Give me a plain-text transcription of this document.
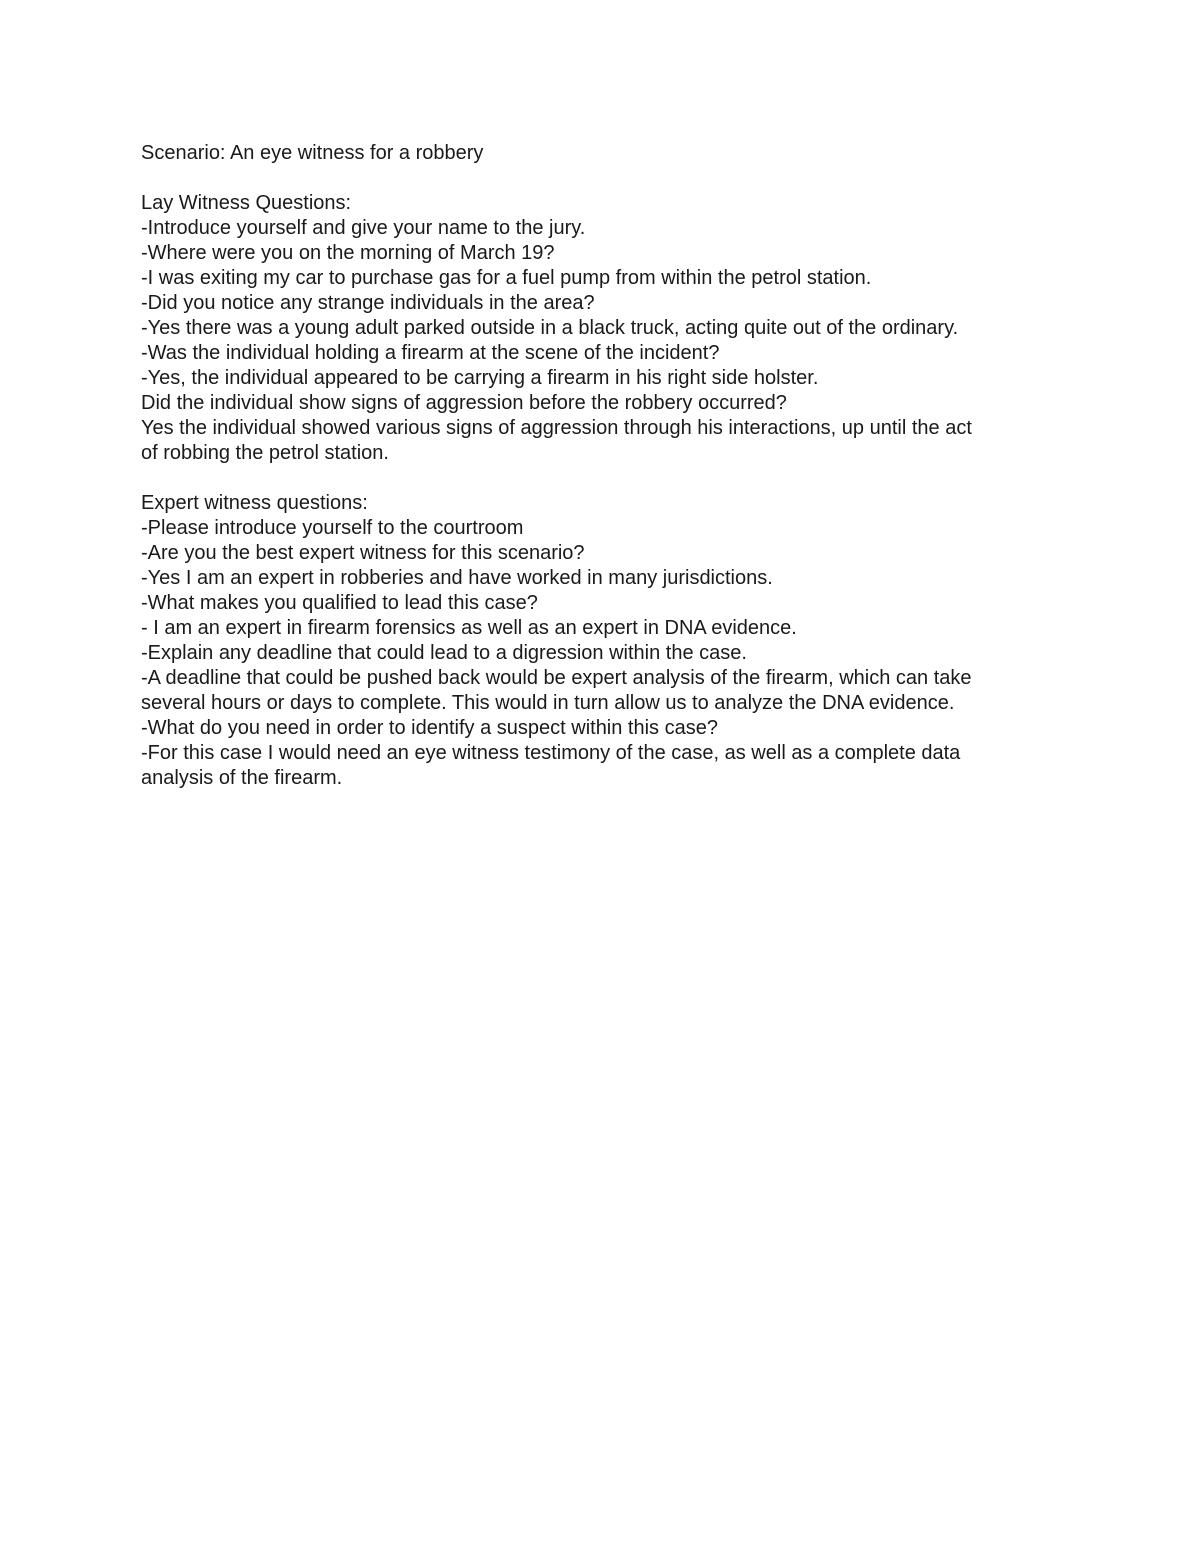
Scenario: An eye witness for a robbery
Lay Witness Questions:
-Introduce yourself and give your name to the jury.
-Where were you on the morning of March 19?
-I was exiting my car to purchase gas for a fuel pump from within the petrol station.
-Did you notice any strange individuals in the area?
-Yes there was a young adult parked outside in a black truck, acting quite out of the ordinary.
-Was the individual holding a firearm at the scene of the incident?
-Yes, the individual appeared to be carrying a firearm in his right side holster.
Did the individual show signs of aggression before the robbery occurred?
Yes the individual showed various signs of aggression through his interactions, up until the act
of robbing the petrol station.
Expert witness questions:
-Please introduce yourself to the courtroom
-Are you the best expert witness for this scenario?
-Yes I am an expert in robberies and have worked in many jurisdictions.
-What makes you qualified to lead this case?
- I am an expert in firearm forensics as well as an expert in DNA evidence.
-Explain any deadline that could lead to a digression within the case.
-A deadline that could be pushed back would be expert analysis of the firearm, which can take
several hours or days to complete. This would in turn allow us to analyze the DNA evidence.
-What do you need in order to identify a suspect within this case?
-For this case I would need an eye witness testimony of the case, as well as a complete data
analysis of the firearm.
